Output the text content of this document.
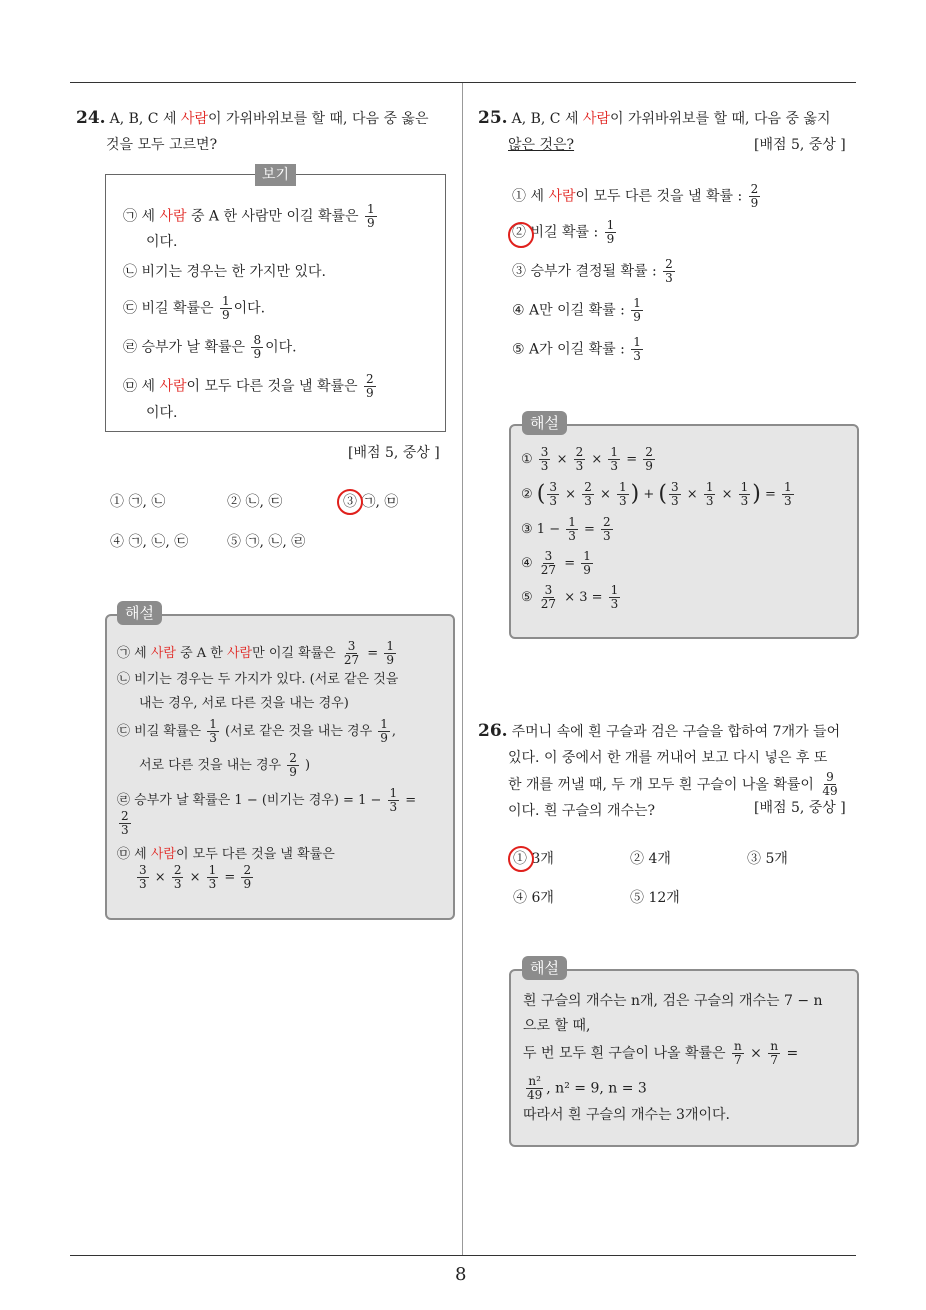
8
24. A, B, C 세 사람이 가위바위보를 할 때, 다음 중 옳은
것을 모두 고르면?
보기
㉠ 세 사람 중 A 한 사람만 이길 확률은 $\frac{1}{9}$
이다.
㉡ 비기는 경우는 한 가지만 있다.
㉢ 비길 확률은 $\frac{1}{9}$ 이다.
㉣ 승부가 날 확률은 $\frac{8}{9}$ 이다.
㉤ 세 사람이 모두 다른 것을 낼 확률은 $\frac{2}{9}$
이다.
[배점 5, 중상 ]
① ㉠, ㉡	② ㉡, ㉢	③ ㉠, ㉤
④ ㉠, ㉡, ㉢	⑤ ㉠, ㉡, ㉣
해설
㉠ 세 사람 중 A 한 사람만 이길 확률은 $\frac{3}{27} = \frac{1}{9}$
㉡ 비기는 경우는 두 가지가 있다. (서로 같은 것을
내는 경우, 서로 다른 것을 내는 경우)
㉢ 비길 확률은 $\frac{1}{3}$ (서로 같은 것을 내는 경우 $\frac{1}{9}$ ,
서로 다른 것을 내는 경우 $\frac{2}{9}$ )
㉣ 승부가 날 확률은 1 − (비기는 경우) = $1 - \frac{1}{3}$ =
$\frac{2}{3}$
㉤ 세 사람이 모두 다른 것을 낼 확률은
$\frac{3}{3} \times \frac{2}{3} \times \frac{1}{3} = \frac{2}{9}$
25. A, B, C 세 사람이 가위바위보를 할 때, 다음 중 옳지
않은 것은?	[배점 5, 중상 ]
① 세 사람이 모두 다른 것을 낼 확률 : $\frac{2}{9}$
② 비길 확률 : $\frac{1}{9}$
③ 승부가 결정될 확률 : $\frac{2}{3}$
④ A만 이길 확률 : $\frac{1}{9}$
⑤ A가 이길 확률 : $\frac{1}{3}$
해설
① $\frac{3}{3} \times \frac{2}{3} \times \frac{1}{3} = \frac{2}{9}$
② ( $\frac{3}{3} \times \frac{2}{3} \times \frac{1}{3}$ ) + ( $\frac{3}{3} \times \frac{1}{3} \times \frac{1}{3}$ ) = $\frac{1}{3}$
③ $1 - \frac{1}{3} = \frac{2}{3}$
④ $\frac{3}{27} = \frac{1}{9}$
⑤ $\frac{3}{27} \times 3 = \frac{1}{3}$
26. 주머니 속에 흰 구슬과 검은 구슬을 합하여 7개가 들어
있다. 이 중에서 한 개를 꺼내어 보고 다시 넣은 후 또
한 개를 꺼낼 때, 두 개 모두 흰 구슬이 나올 확률이 $\frac{9}{49}$

이다. 흰 구슬의 개수는?	[배점 5, 중상 ]
① 3개	② 4개	③ 5개
④ 6개	⑤ 12개
해설
흰 구슬의 개수는 n개, 검은 구슬의 개수는 7 − n
으로 할 때,
두 번 모두 흰 구슬이 나올 확률은 $\frac{n}{7} \times \frac{n}{7}$ =
$\frac{\text{n²}}{49}$ , n² = 9, n = 3
따라서 흰 구슬의 개수는 3개이다.
